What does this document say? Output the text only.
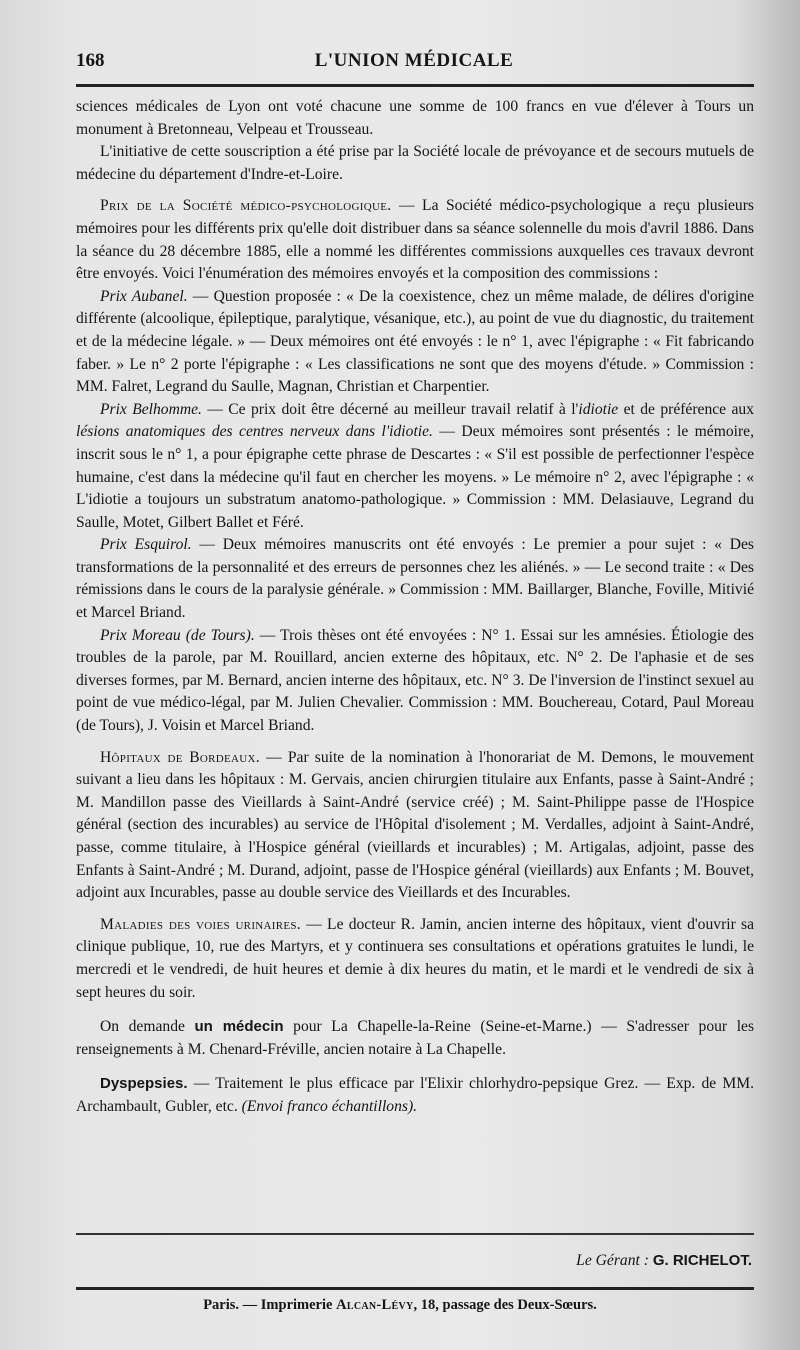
168	L'UNION MÉDICALE

sciences médicales de Lyon ont voté chacune une somme de 100 francs en vue d'élever à Tours un monument à Bretonneau, Velpeau et Trousseau.

L'initiative de cette souscription a été prise par la Société locale de prévoyance et de secours mutuels de médecine du département d'Indre-et-Loire.

Prix de la Société médico-psychologique. — La Société médico-psychologique a reçu plusieurs mémoires pour les différents prix qu'elle doit distribuer dans sa séance solennelle du mois d'avril 1886. Dans la séance du 28 décembre 1885, elle a nommé les différentes commissions auxquelles ces travaux devront être envoyés. Voici l'énumération des mémoires envoyés et la composition des commissions :

Prix Aubanel. — Question proposée : « De la coexistence, chez un même malade, de délires d'origine différente (alcoolique, épileptique, paralytique, vésanique, etc.), au point de vue du diagnostic, du traitement et de la médecine légale. » — Deux mémoires ont été envoyés : le n° 1, avec l'épigraphe : « Fit fabricando faber. » Le n° 2 porte l'épigraphe : « Les classifications ne sont que des moyens d'étude. » Commission : MM. Falret, Legrand du Saulle, Magnan, Christian et Charpentier.

Prix Belhomme. — Ce prix doit être décerné au meilleur travail relatif à l'idiotie et de préférence aux lésions anatomiques des centres nerveux dans l'idiotie. — Deux mémoires sont présentés : le mémoire, inscrit sous le n° 1, a pour épigraphe cette phrase de Descartes : « S'il est possible de perfectionner l'espèce humaine, c'est dans la médecine qu'il faut en chercher les moyens. » Le mémoire n° 2, avec l'épigraphe : « L'idiotie a toujours un substratum anatomo-pathologique. » Commission : MM. Delasiauve, Legrand du Saulle, Motet, Gilbert Ballet et Féré.

Prix Esquirol. — Deux mémoires manuscrits ont été envoyés : Le premier a pour sujet : « Des transformations de la personnalité et des erreurs de personnes chez les aliénés. » — Le second traite : « Des rémissions dans le cours de la paralysie générale. » Commission : MM. Baillarger, Blanche, Foville, Mitivié et Marcel Briand.

Prix Moreau (de Tours). — Trois thèses ont été envoyées : N° 1. Essai sur les amnésies. Étiologie des troubles de la parole, par M. Rouillard, ancien externe des hôpitaux, etc. N° 2. De l'aphasie et de ses diverses formes, par M. Bernard, ancien interne des hôpitaux, etc. N° 3. De l'inversion de l'instinct sexuel au point de vue médico-légal, par M. Julien Chevalier. Commission : MM. Bouchereau, Cotard, Paul Moreau (de Tours), J. Voisin et Marcel Briand.

Hôpitaux de Bordeaux. — Par suite de la nomination à l'honorariat de M. Demons, le mouvement suivant a lieu dans les hôpitaux : M. Gervais, ancien chirurgien titulaire aux Enfants, passe à Saint-André ; M. Mandillon passe des Vieillards à Saint-André (service créé) ; M. Saint-Philippe passe de l'Hospice général (section des incurables) au service de l'Hôpital d'isolement ; M. Verdalles, adjoint à Saint-André, passe, comme titulaire, à l'Hospice général (vieillards et incurables) ; M. Artigalas, adjoint, passe des Enfants à Saint-André ; M. Durand, adjoint, passe de l'Hospice général (vieillards) aux Enfants ; M. Bouvet, adjoint aux Incurables, passe au double service des Vieillards et des Incurables.

Maladies des voies urinaires. — Le docteur R. Jamin, ancien interne des hôpitaux, vient d'ouvrir sa clinique publique, 10, rue des Martyrs, et y continuera ses consultations et opérations gratuites le lundi, le mercredi et le vendredi, de huit heures et demie à dix heures du matin, et le mardi et le vendredi de six à sept heures du soir.

On demande un médecin pour La Chapelle-la-Reine (Seine-et-Marne.) — S'adresser pour les renseignements à M. Chenard-Fréville, ancien notaire à La Chapelle.

Dyspepsies. — Traitement le plus efficace par l'Elixir chlorhydro-pepsique Grez. — Exp. de MM. Archambault, Gubler, etc. (Envoi franco échantillons).

Le Gérant : G. RICHELOT.
Paris. — Imprimerie Alcan-Lévy, 18, passage des Deux-Sœurs.
